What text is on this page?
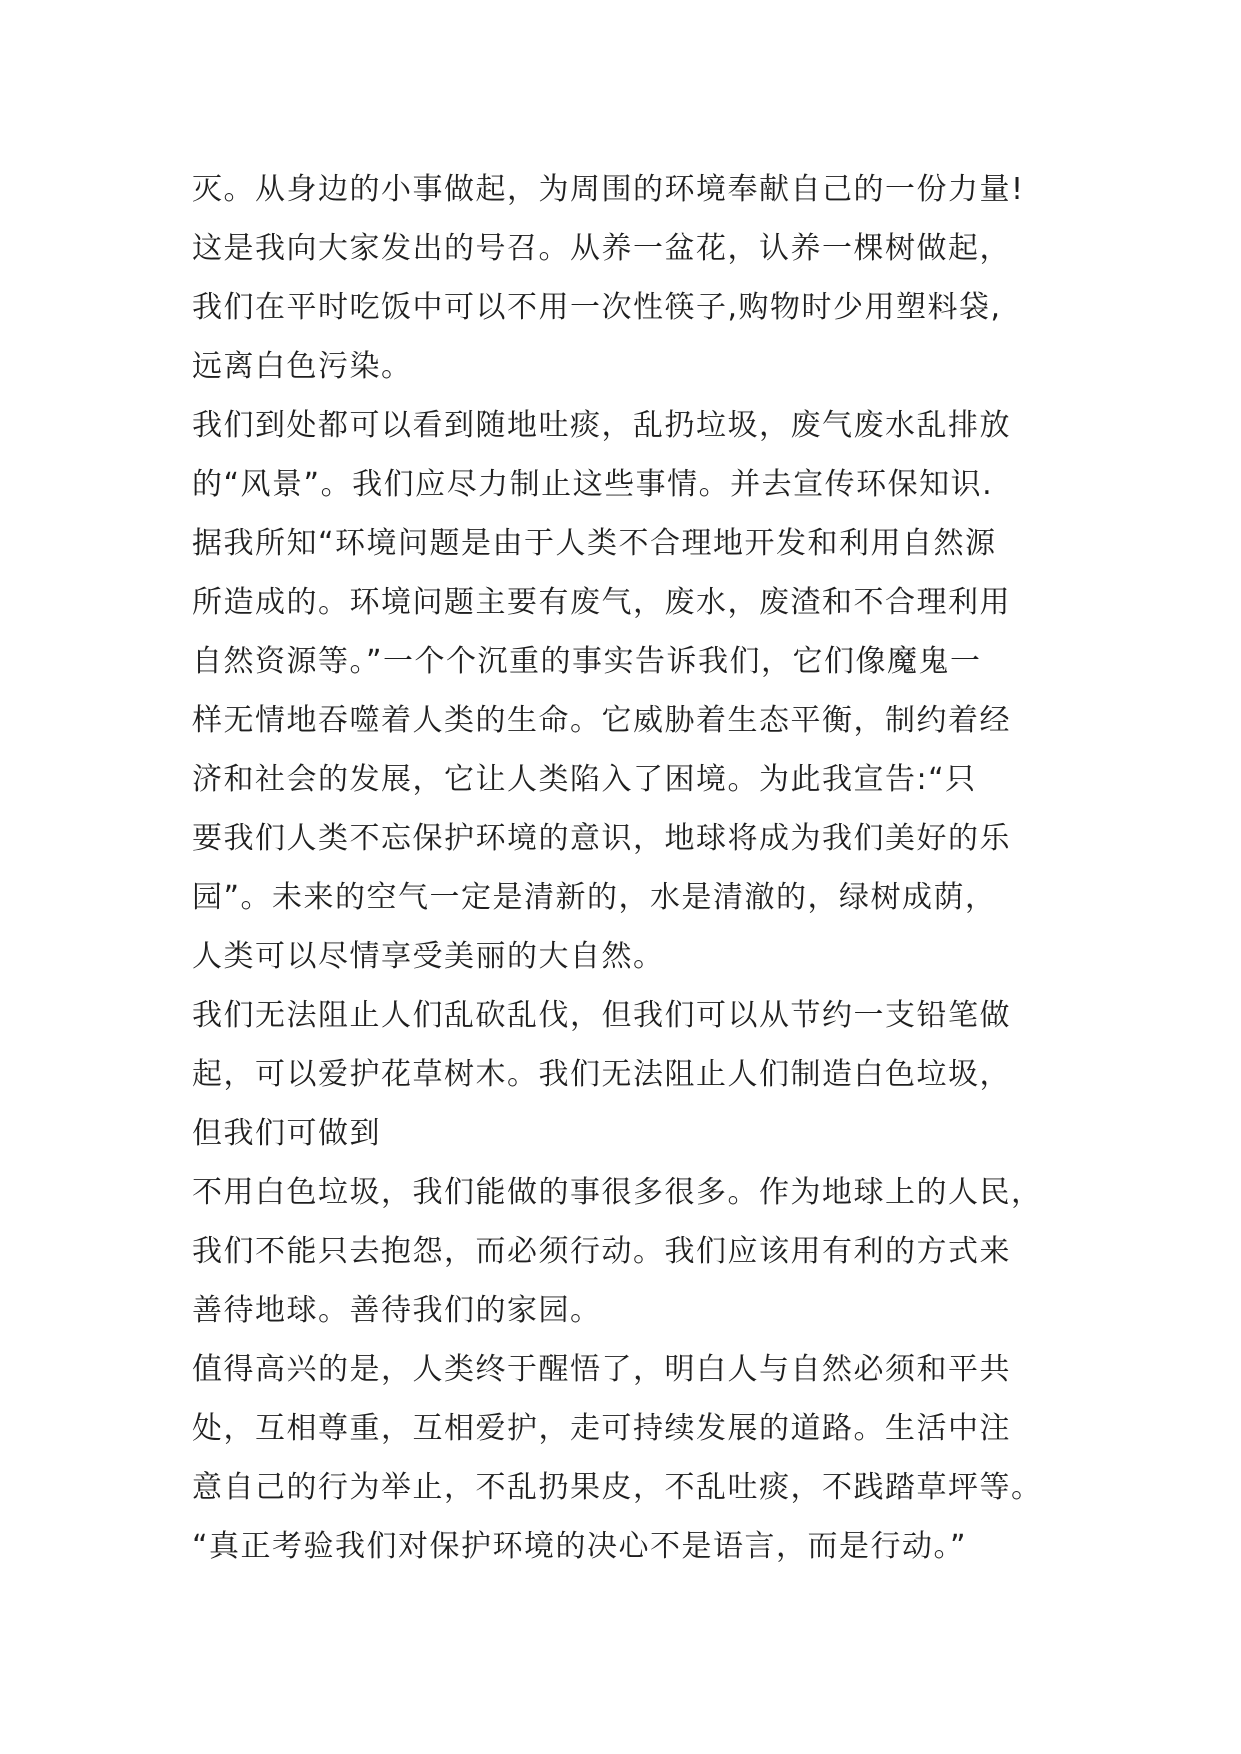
灭。从身边的小事做起，为周围的环境奉献自己的一份力量!
这是我向大家发出的号召。从养一盆花，认养一棵树做起，
我们在平时吃饭中可以不用一次性筷子,购物时少用塑料袋,
远离白色污染。
我们到处都可以看到随地吐痰，乱扔垃圾，废气废水乱排放
的“风景”。我们应尽力制止这些事情。并去宣传环保知识.
据我所知“环境问题是由于人类不合理地开发和利用自然源
所造成的。环境问题主要有废气，废水，废渣和不合理利用
自然资源等。”一个个沉重的事实告诉我们，它们像魔鬼一
样无情地吞噬着人类的生命。它威胁着生态平衡，制约着经
济和社会的发展，它让人类陷入了困境。为此我宣告:“只
要我们人类不忘保护环境的意识，地球将成为我们美好的乐
园”。未来的空气一定是清新的，水是清澈的，绿树成荫，
人类可以尽情享受美丽的大自然。
我们无法阻止人们乱砍乱伐，但我们可以从节约一支铅笔做
起，可以爱护花草树木。我们无法阻止人们制造白色垃圾，
但我们可做到
不用白色垃圾，我们能做的事很多很多。作为地球上的人民，
我们不能只去抱怨，而必须行动。我们应该用有利的方式来
善待地球。善待我们的家园。
值得高兴的是，人类终于醒悟了，明白人与自然必须和平共
处，互相尊重，互相爱护，走可持续发展的道路。生活中注
意自己的行为举止，不乱扔果皮，不乱吐痰，不践踏草坪等。
“真正考验我们对保护环境的决心不是语言，而是行动。”
